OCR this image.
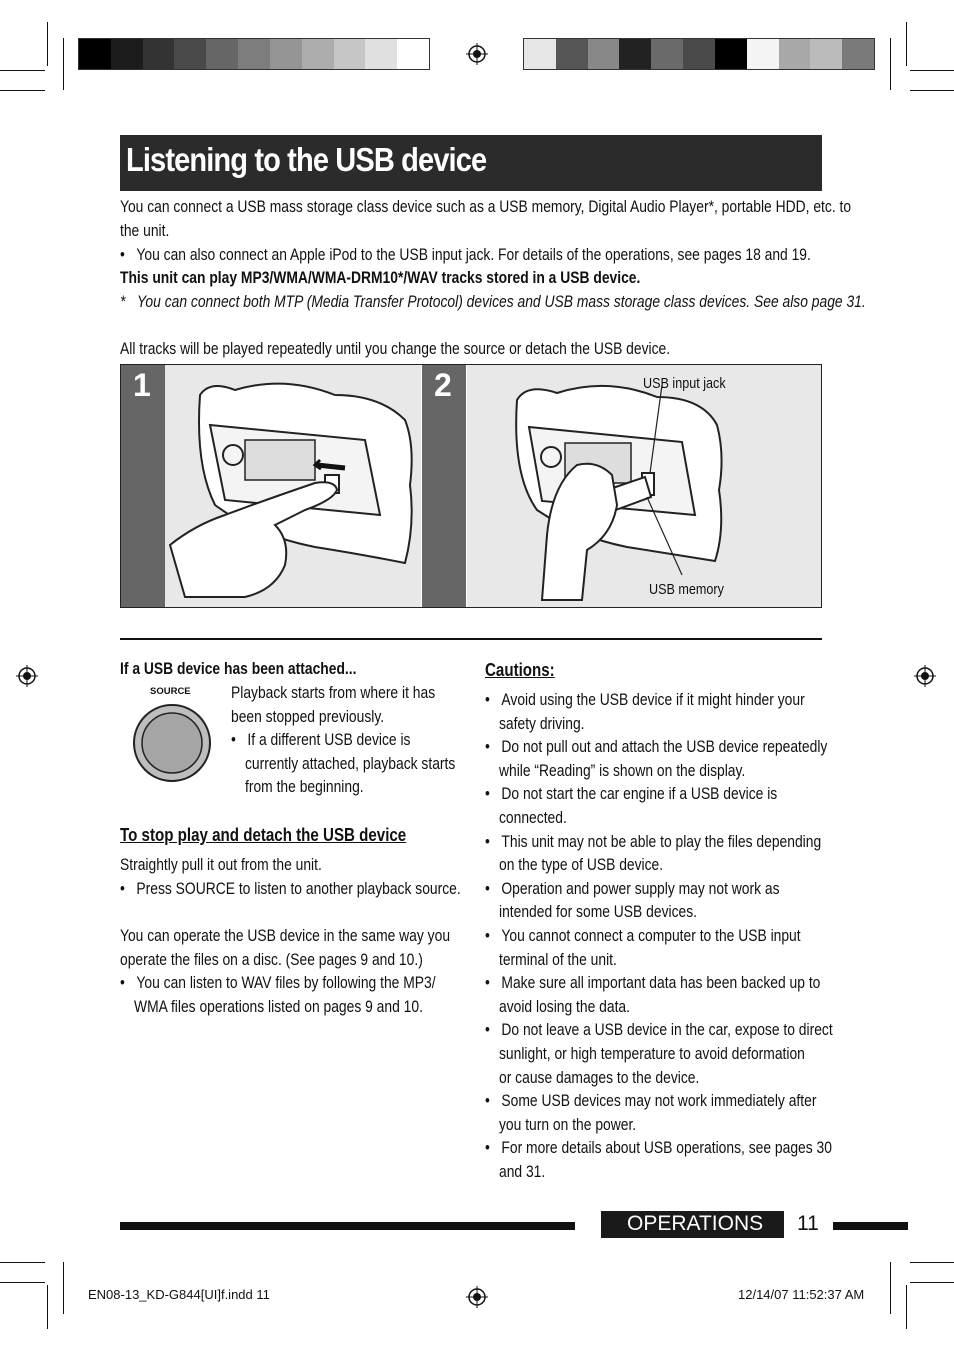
Listening to the USB device
You can connect a USB mass storage class device such as a USB memory, Digital Audio Player*, portable HDD, etc. to
the unit.
•   You can also connect an Apple iPod to the USB input jack. For details of the operations, see pages 18 and 19.
This unit can play MP3/WMA/WMA-DRM10*/WAV tracks stored in a USB device.
* You can connect both MTP (Media Transfer Protocol) devices and USB mass storage class devices. See also page 31.
All tracks will be played repeatedly until you change the source or detach the USB device.
1	2	USB input jack
USB memory
If a USB device has been attached...
SOURCE Playback starts from where it has
been stopped previously.
•   If a different USB device is
currently attached, playback starts
from the beginning.
To stop play and detach the USB device
Straightly pull it out from the unit.
•   Press SOURCE to listen to another playback source.
You can operate the USB device in the same way you
operate the files on a disc. (See pages 9 and 10.)
•   You can listen to WAV files by following the MP3/
WMA files operations listed on pages 9 and 10.
Cautions:
•   Avoid using the USB device if it might hinder your
safety driving.
•   Do not pull out and attach the USB device repeatedly
while “Reading” is shown on the display.
•   Do not start the car engine if a USB device is
connected.
•   This unit may not be able to play the files depending
on the type of USB device.
•   Operation and power supply may not work as
intended for some USB devices.
•   You cannot connect a computer to the USB input
terminal of the unit.
•   Make sure all important data has been backed up to
avoid losing the data.
•   Do not leave a USB device in the car, expose to direct
sunlight, or high temperature to avoid deformation
or cause damages to the device.
•   Some USB devices may not work immediately after
you turn on the power.
•   For more details about USB operations, see pages 30
and 31.
OPERATIONS 11
EN08-13_KD-G844[UI]f.indd 11	12/14/07 11:52:37 AM
